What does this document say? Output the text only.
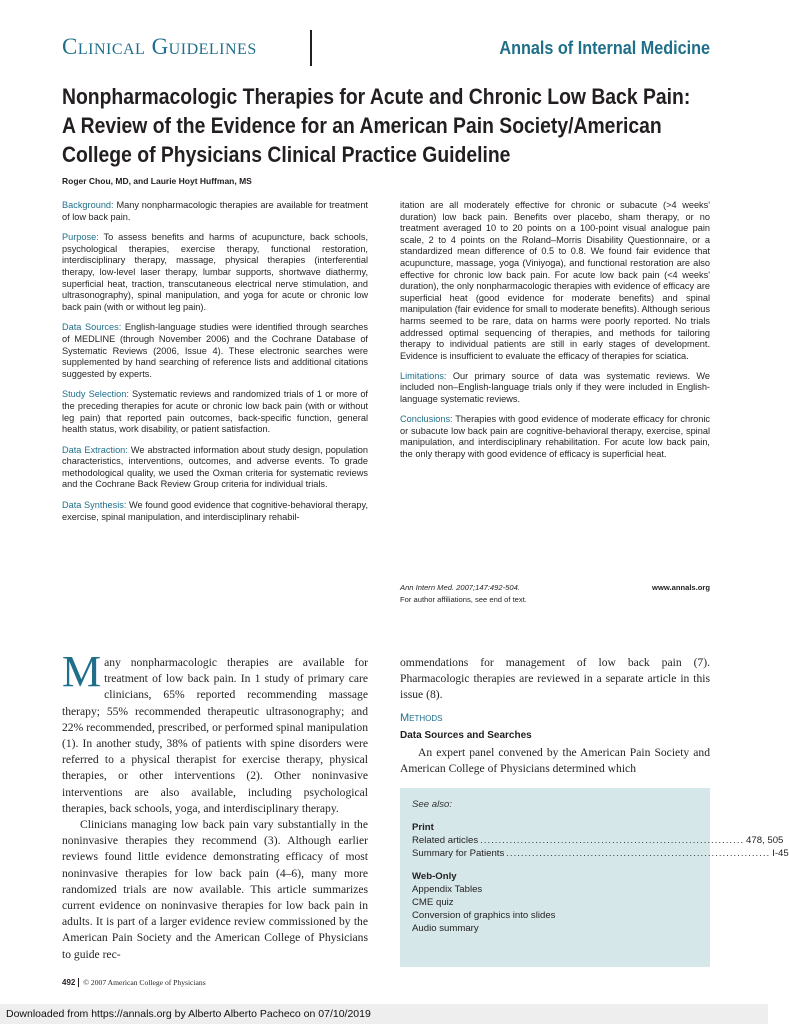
Clinical Guidelines	Annals of Internal Medicine
Nonpharmacologic Therapies for Acute and Chronic Low Back Pain:
A Review of the Evidence for an American Pain Society/American
College of Physicians Clinical Practice Guideline
Roger Chou, MD, and Laurie Hoyt Huffman, MS

Background: Many nonpharmacologic therapies are available for treatment of low back pain.

Purpose: To assess benefits and harms of acupuncture, back schools, psychological therapies, exercise therapy, functional restoration, interdisciplinary therapy, massage, physical therapies (interferential therapy, low-level laser therapy, lumbar supports, shortwave diathermy, superficial heat, traction, transcutaneous electrical nerve stimulation, and ultrasonography), spinal manipulation, and yoga for acute or chronic low back pain (with or without leg pain).

Data Sources: English-language studies were identified through searches of MEDLINE (through November 2006) and the Cochrane Database of Systematic Reviews (2006, Issue 4). These electronic searches were supplemented by hand searching of reference lists and additional citations suggested by experts.

Study Selection: Systematic reviews and randomized trials of 1 or more of the preceding therapies for acute or chronic low back pain (with or without leg pain) that reported pain outcomes, back-specific function, general health status, work disability, or patient satisfaction.

Data Extraction: We abstracted information about study design, population characteristics, interventions, outcomes, and adverse events. To grade methodological quality, we used the Oxman criteria for systematic reviews and the Cochrane Back Review Group criteria for individual trials.

Data Synthesis: We found good evidence that cognitive-behavioral therapy, exercise, spinal manipulation, and interdisciplinary rehabil-

itation are all moderately effective for chronic or subacute (>4 weeks' duration) low back pain. Benefits over placebo, sham therapy, or no treatment averaged 10 to 20 points on a 100-point visual analogue pain scale, 2 to 4 points on the Roland–Morris Disability Questionnaire, or a standardized mean difference of 0.5 to 0.8. We found fair evidence that acupuncture, massage, yoga (Viniyoga), and functional restoration are also effective for chronic low back pain. For acute low back pain (<4 weeks' duration), the only nonpharmacologic therapies with evidence of efficacy are superficial heat (good evidence for moderate benefits) and spinal manipulation (fair evidence for small to moderate benefits). Although serious harms seemed to be rare, data on harms were poorly reported. No trials addressed optimal sequencing of therapies, and methods for tailoring therapy to individual patients are still in early stages of development. Evidence is insufficient to evaluate the efficacy of therapies for sciatica.

Limitations: Our primary source of data was systematic reviews. We included non–English-language trials only if they were included in English-language systematic reviews.

Conclusions: Therapies with good evidence of moderate efficacy for chronic or subacute low back pain are cognitive-behavioral therapy, exercise, spinal manipulation, and interdisciplinary rehabilitation. For acute low back pain, the only therapy with good evidence of efficacy is superficial heat.

Ann Intern Med. 2007;147:492-504.	www.annals.org
For author affiliations, see end of text.

Many nonpharmacologic therapies are available for treatment of low back pain. In 1 study of primary care clinicians, 65% reported recommending massage therapy; 55% recommended therapeutic ultrasonography; and 22% recommended, prescribed, or performed spinal manipulation (1). In another study, 38% of patients with spine disorders were referred to a physical therapist for exercise therapy, physical therapies, or other interventions (2). Other noninvasive interventions are also available, including psychological therapies, back schools, yoga, and interdisciplinary therapy.

Clinicians managing low back pain vary substantially in the noninvasive therapies they recommend (3). Although earlier reviews found little evidence demonstrating efficacy of most noninvasive therapies for low back pain (4–6), many more randomized trials are now available. This article summarizes current evidence on noninvasive therapies for low back pain in adults. It is part of a larger evidence review commissioned by the American Pain Society and the American College of Physicians to guide rec-

ommendations for management of low back pain (7). Pharmacologic therapies are reviewed in a separate article in this issue (8).

Methods
Data Sources and Searches

An expert panel convened by the American Pain Society and American College of Physicians determined which

See also:
Print
Related articles ........................................................................ 478, 505
Summary for Patients ........................................................................ I-45
Web-Only
Appendix Tables
CME quiz
Conversion of graphics into slides
Audio summary
492 © 2007 American College of Physicians
Downloaded from https://annals.org by Alberto Alberto Pacheco on 07/10/2019
